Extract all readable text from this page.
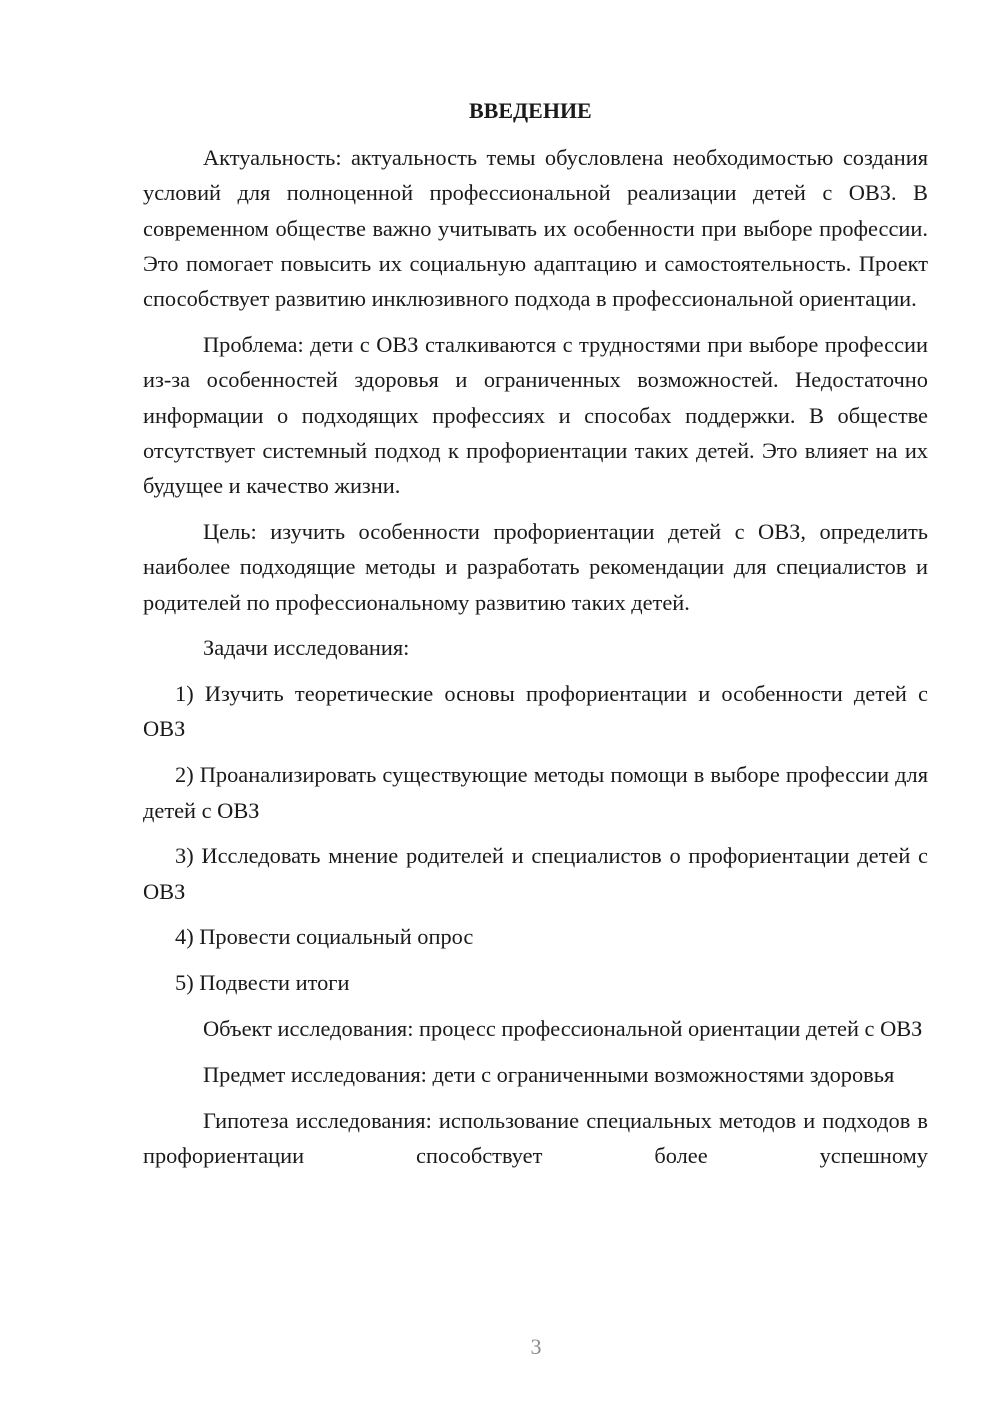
ВВЕДЕНИЕ

Актуальность: актуальность темы обусловлена необходимостью создания условий для полноценной профессиональной реализации детей с ОВЗ. В современном обществе важно учитывать их особенности при выборе профессии. Это помогает повысить их социальную адаптацию и самостоятельность. Проект способствует развитию инклюзивного подхода в профессиональной ориентации.

Проблема: дети с ОВЗ сталкиваются с трудностями при выборе профессии из-за особенностей здоровья и ограниченных возможностей. Недостаточно информации о подходящих профессиях и способах поддержки. В обществе отсутствует системный подход к профориентации таких детей. Это влияет на их будущее и качество жизни.

Цель: изучить особенности профориентации детей с ОВЗ, определить наиболее подходящие методы и разработать рекомендации для специалистов и родителей по профессиональному развитию таких детей.

Задачи исследования:

1) Изучить теоретические основы профориентации и особенности детей с ОВЗ

2) Проанализировать существующие методы помощи в выборе профессии для детей с ОВЗ

3) Исследовать мнение родителей и специалистов о профориентации детей с ОВЗ

4) Провести социальный опрос

5) Подвести итоги

Объект исследования: процесс профессиональной ориентации детей с ОВЗ

Предмет исследования: дети с ограниченными возможностями здоровья

Гипотеза исследования: использование специальных методов и подходов в профориентации способствует более успешному

3
